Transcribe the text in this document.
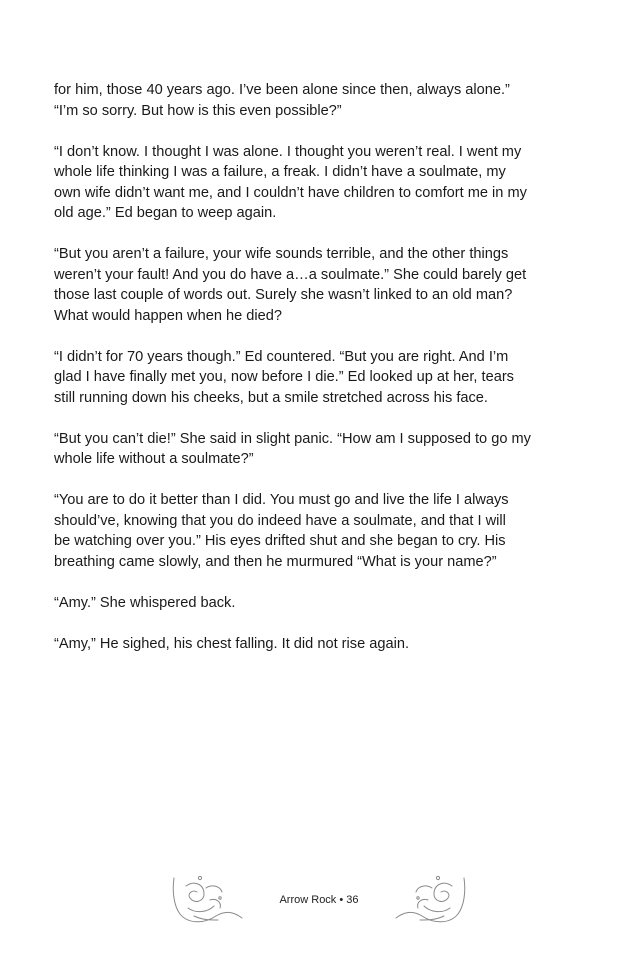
for him, those 40 years ago. I’ve been alone since then, always alone.”
“I’m so sorry. But how is this even possible?”

“I don’t know. I thought I was alone. I thought you weren’t real. I went my
whole life thinking I was a failure, a freak. I didn’t have a soulmate, my
own wife didn’t want me, and I couldn’t have children to comfort me in my
old age.” Ed began to weep again.

“But you aren’t a failure, your wife sounds terrible, and the other things
weren’t your fault! And you do have a…a soulmate.” She could barely get
those last couple of words out. Surely she wasn’t linked to an old man?
What would happen when he died?

“I didn’t for 70 years though.” Ed countered. “But you are right. And I’m
glad I have finally met you, now before I die.” Ed looked up at her, tears
still running down his cheeks, but a smile stretched across his face.

“But you can’t die!” She said in slight panic. “How am I supposed to go my
whole life without a soulmate?”

“You are to do it better than I did. You must go and live the life I always
should’ve, knowing that you do indeed have a soulmate, and that I will
be watching over you.” His eyes drifted shut and she began to cry. His
breathing came slowly, and then he murmured “What is your name?”

“Amy.” She whispered back.

“Amy,” He sighed, his chest falling. It did not rise again.

Arrow Rock • 36
